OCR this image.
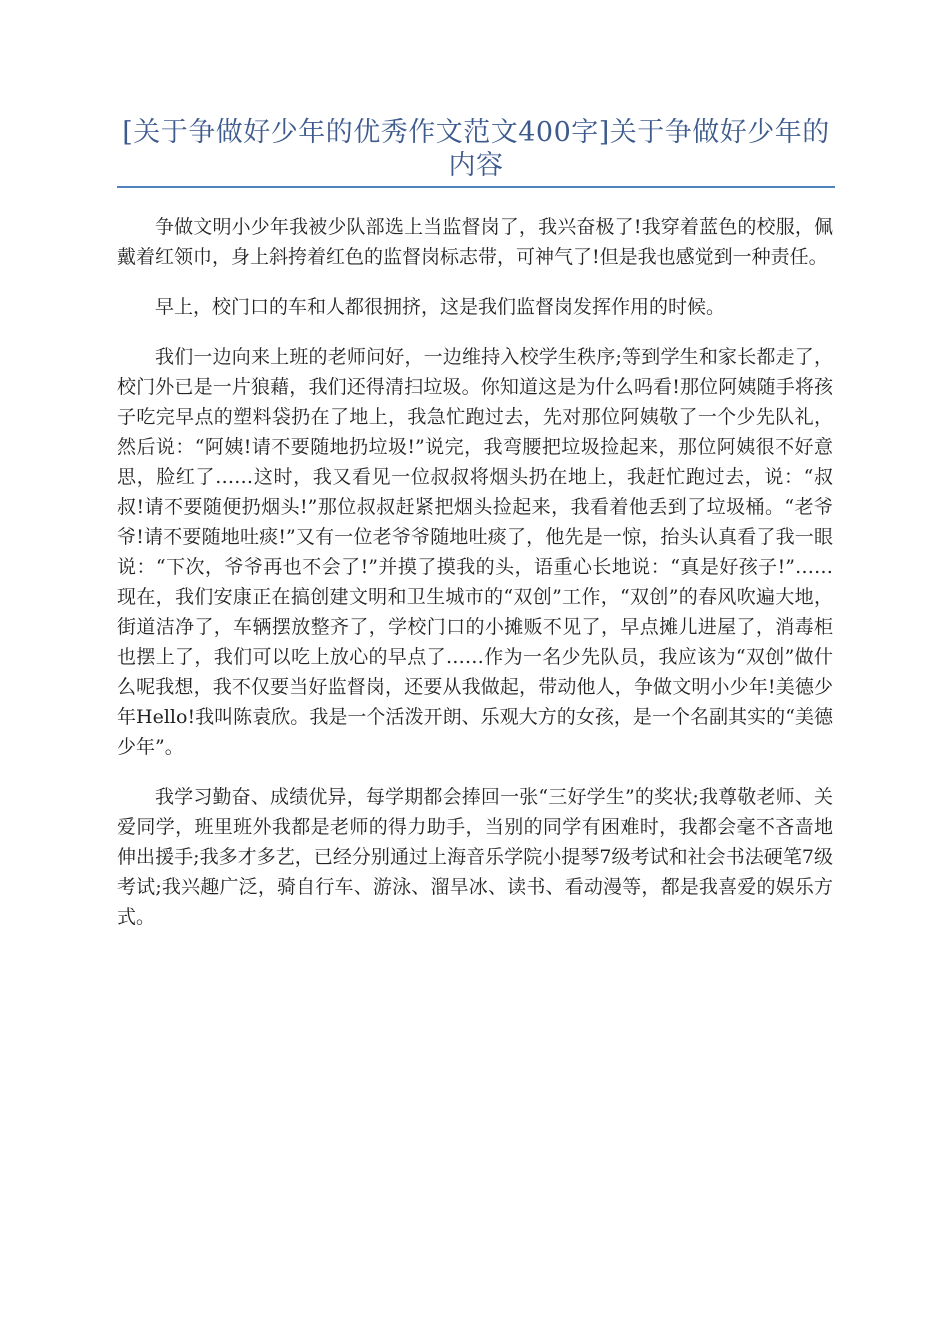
[关于争做好少年的优秀作文范文400字]关于争做好少年的内容

争做文明小少年我被少队部选上当监督岗了，我兴奋极了!我穿着蓝色的校服，佩戴着红领巾，身上斜挎着红色的监督岗标志带，可神气了!但是我也感觉到一种责任。

早上，校门口的车和人都很拥挤，这是我们监督岗发挥作用的时候。

我们一边向来上班的老师问好，一边维持入校学生秩序;等到学生和家长都走了，校门外已是一片狼藉，我们还得清扫垃圾。你知道这是为什么吗看!那位阿姨随手将孩子吃完早点的塑料袋扔在了地上，我急忙跑过去，先对那位阿姨敬了一个少先队礼，然后说：“阿姨!请不要随地扔垃圾!”说完，我弯腰把垃圾捡起来，那位阿姨很不好意思，脸红了……这时，我又看见一位叔叔将烟头扔在地上，我赶忙跑过去，说：“叔叔!请不要随便扔烟头!”那位叔叔赶紧把烟头捡起来，我看着他丢到了垃圾桶。“老爷爷!请不要随地吐痰!”又有一位老爷爷随地吐痰了，他先是一惊，抬头认真看了我一眼说：“下次，爷爷再也不会了!”并摸了摸我的头，语重心长地说：“真是好孩子!”……现在，我们安康正在搞创建文明和卫生城市的“双创”工作，“双创”的春风吹遍大地，街道洁净了，车辆摆放整齐了，学校门口的小摊贩不见了，早点摊儿进屋了，消毒柜也摆上了，我们可以吃上放心的早点了……作为一名少先队员，我应该为“双创”做什么呢我想，我不仅要当好监督岗，还要从我做起，带动他人，争做文明小少年!美德少年Hello!我叫陈袁欣。我是一个活泼开朗、乐观大方的女孩，是一个名副其实的“美德少年”。

我学习勤奋、成绩优异，每学期都会捧回一张“三好学生”的奖状;我尊敬老师、关爱同学，班里班外我都是老师的得力助手，当别的同学有困难时，我都会毫不吝啬地伸出援手;我多才多艺，已经分别通过上海音乐学院小提琴7级考试和社会书法硬笔7级考试;我兴趣广泛，骑自行车、游泳、溜旱冰、读书、看动漫等，都是我喜爱的娱乐方式。
